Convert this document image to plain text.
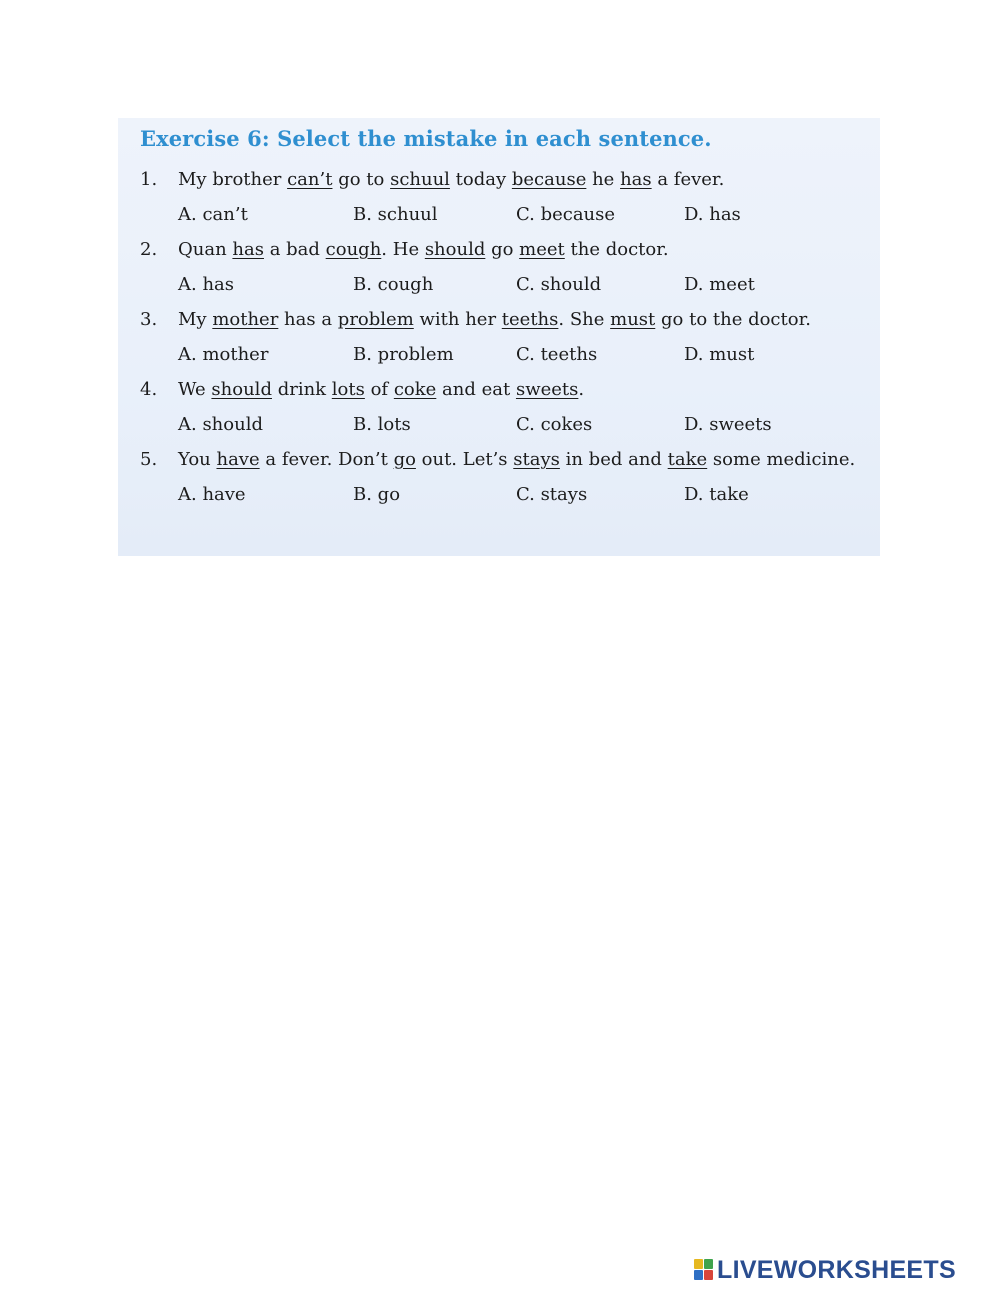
Exercise 6: Select the mistake in each sentence.
1.	My brother can’t go to schuul today because he has a fever.
A. can’t	B. schuul	C. because	D. has
2.	Quan has a bad cough. He should go meet the doctor.
A. has	B. cough	C. should	D. meet
3.	My mother has a problem with her teeths. She must go to the doctor.
A. mother	B. problem	C. teeths	D. must
4.	We should drink lots of coke and eat sweets.
A. should	B. lots	C. cokes	D. sweets
5.	You have a fever. Don’t go out. Let’s stays in bed and take some medicine.
A. have	B. go	C. stays	D. take
LIVEWORKSHEETS
